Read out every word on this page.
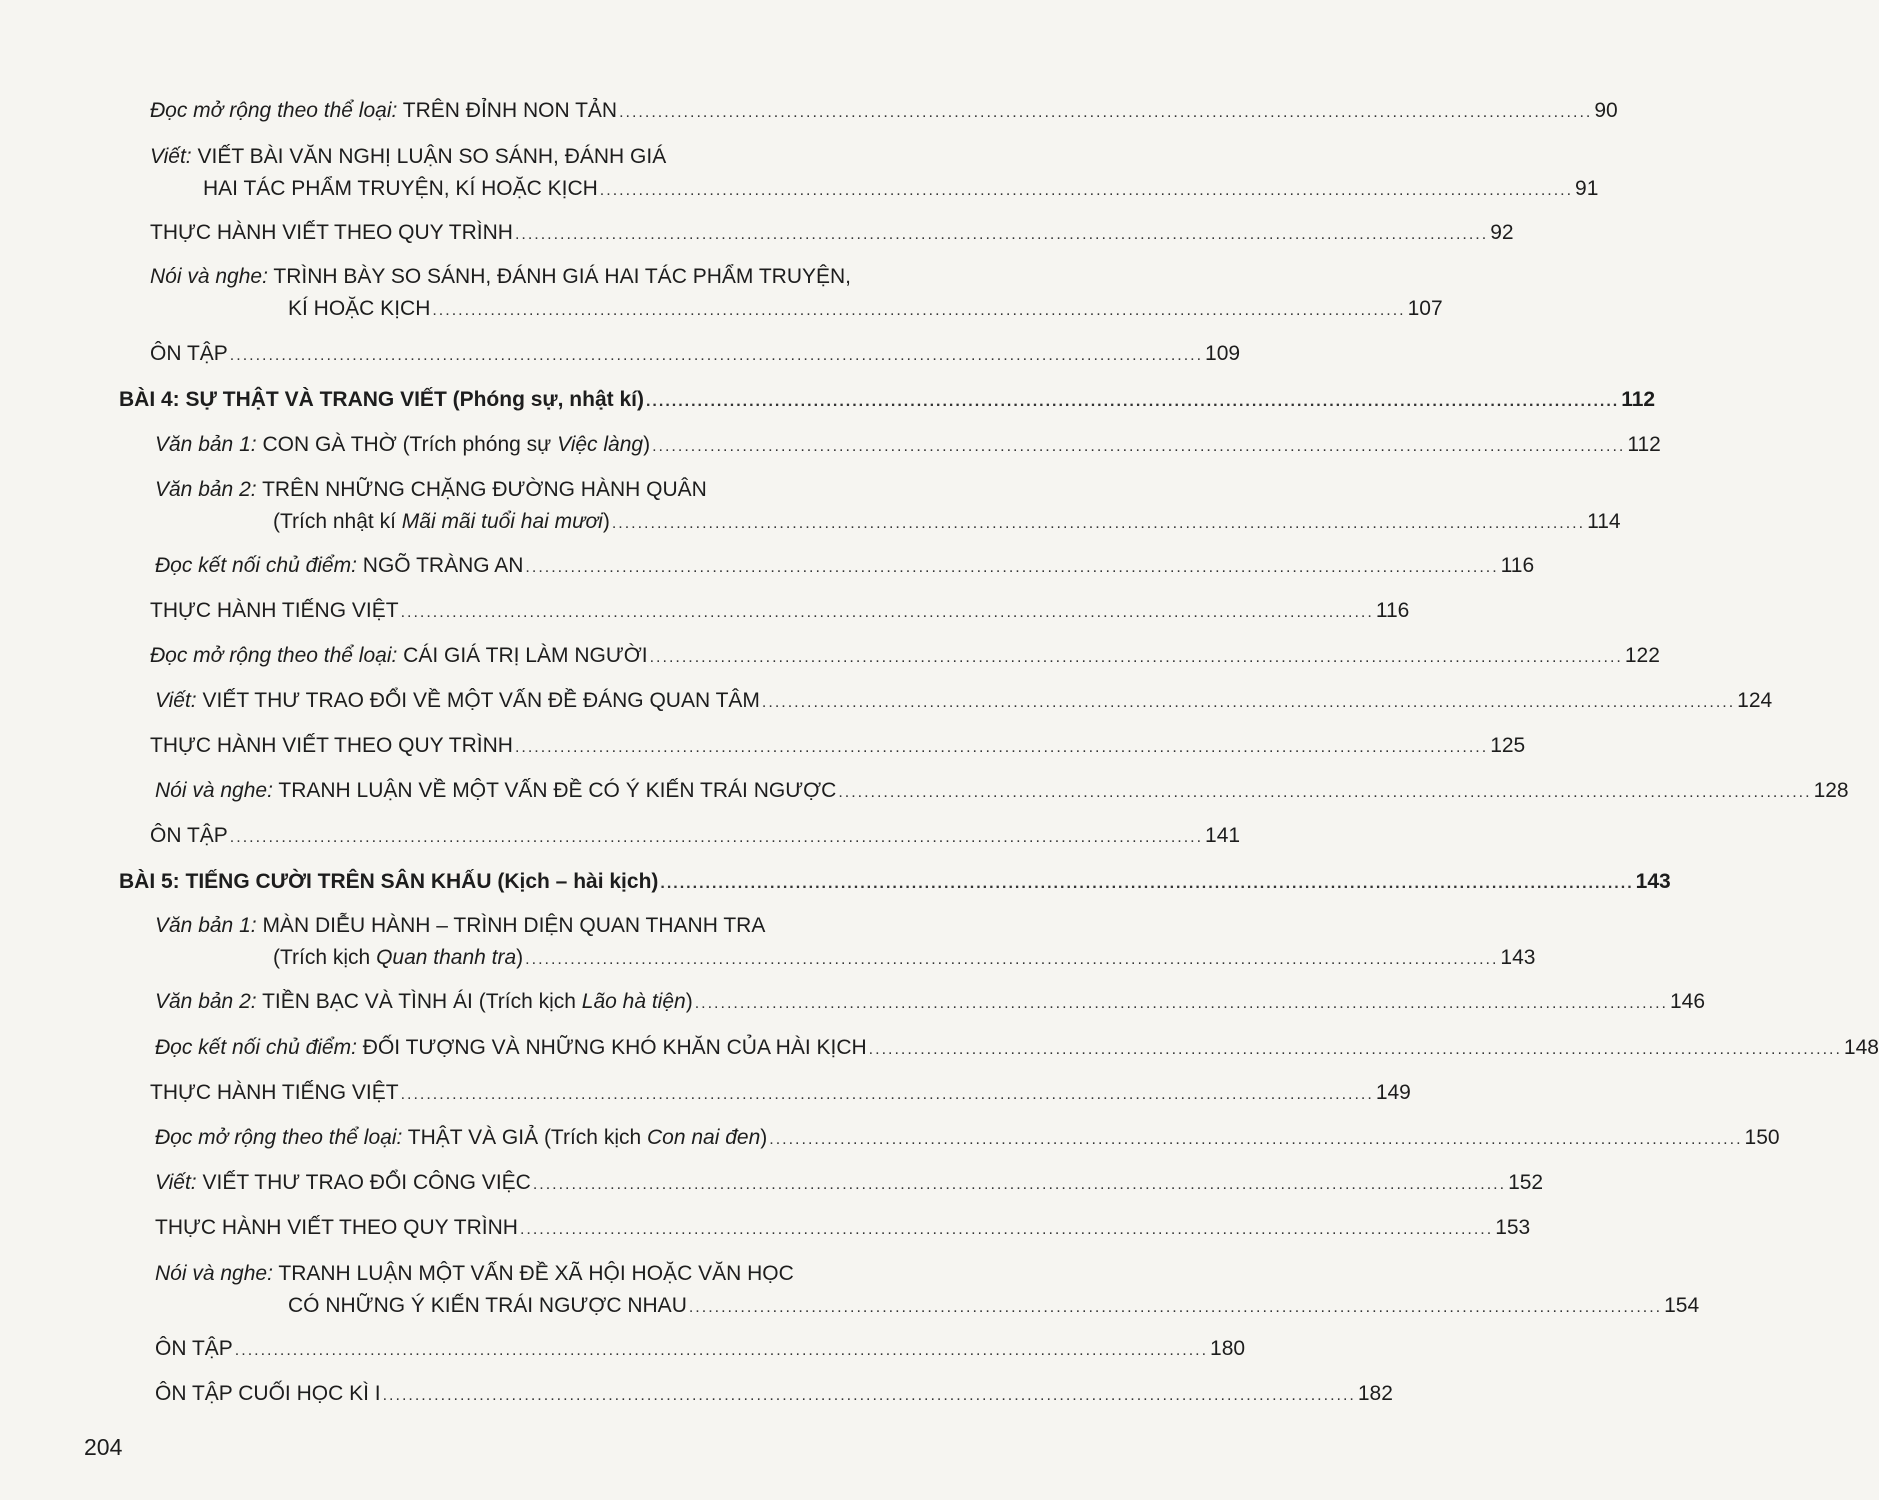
Đọc mở rộng theo thể loại: TRÊN ĐỈNH NON TẢN ....................................................................................................................................................... 90
Viết: VIẾT BÀI VĂN NGHỊ LUẬN SO SÁNH, ĐÁNH GIÁ
HAI TÁC PHẨM TRUYỆN, KÍ HOẶC KỊCH ....................................................................................................................................................... 91
THỰC HÀNH VIẾT THEO QUY TRÌNH ....................................................................................................................................................... 92
Nói và nghe: TRÌNH BÀY SO SÁNH, ĐÁNH GIÁ HAI TÁC PHẨM TRUYỆN,
KÍ HOẶC KỊCH ....................................................................................................................................................... 107
ÔN TẬP ....................................................................................................................................................... 109
BÀI 4: SỰ THẬT VÀ TRANG VIẾT (Phóng sự, nhật kí) ....................................................................................................................................................... 112
Văn bản 1: CON GÀ THỜ (Trích phóng sự Việc làng) ....................................................................................................................................................... 112
Văn bản 2: TRÊN NHỮNG CHẶNG ĐƯỜNG HÀNH QUÂN
(Trích nhật kí Mãi mãi tuổi hai mươi) ....................................................................................................................................................... 114
Đọc kết nối chủ điểm: NGÕ TRÀNG AN ....................................................................................................................................................... 116
THỰC HÀNH TIẾNG VIỆT ....................................................................................................................................................... 116
Đọc mở rộng theo thể loại: CÁI GIÁ TRỊ LÀM NGƯỜI ....................................................................................................................................................... 122
Viết: VIẾT THƯ TRAO ĐỔI VỀ MỘT VẤN ĐỀ ĐÁNG QUAN TÂM ....................................................................................................................................................... 124
THỰC HÀNH VIẾT THEO QUY TRÌNH ....................................................................................................................................................... 125
Nói và nghe: TRANH LUẬN VỀ MỘT VẤN ĐỀ CÓ Ý KIẾN TRÁI NGƯỢC ....................................................................................................................................................... 128
ÔN TẬP ....................................................................................................................................................... 141
BÀI 5: TIẾNG CƯỜI TRÊN SÂN KHẤU (Kịch – hài kịch) ....................................................................................................................................................... 143
Văn bản 1: MÀN DIỄU HÀNH – TRÌNH DIỆN QUAN THANH TRA
(Trích kịch Quan thanh tra) ....................................................................................................................................................... 143
Văn bản 2: TIỀN BẠC VÀ TÌNH ÁI (Trích kịch Lão hà tiện) ....................................................................................................................................................... 146
Đọc kết nối chủ điểm: ĐỐI TƯỢNG VÀ NHỮNG KHÓ KHĂN CỦA HÀI KỊCH ....................................................................................................................................................... 148
THỰC HÀNH TIẾNG VIỆT ....................................................................................................................................................... 149
Đọc mở rộng theo thể loại: THẬT VÀ GIẢ (Trích kịch Con nai đen) ....................................................................................................................................................... 150
Viết: VIẾT THƯ TRAO ĐỔI CÔNG VIỆC ....................................................................................................................................................... 152
THỰC HÀNH VIẾT THEO QUY TRÌNH ....................................................................................................................................................... 153
Nói và nghe: TRANH LUẬN MỘT VẤN ĐỀ XÃ HỘI HOẶC VĂN HỌC
CÓ NHỮNG Ý KIẾN TRÁI NGƯỢC NHAU ....................................................................................................................................................... 154
ÔN TẬP ....................................................................................................................................................... 180
ÔN TẬP CUỐI HỌC KÌ I ....................................................................................................................................................... 182
204
